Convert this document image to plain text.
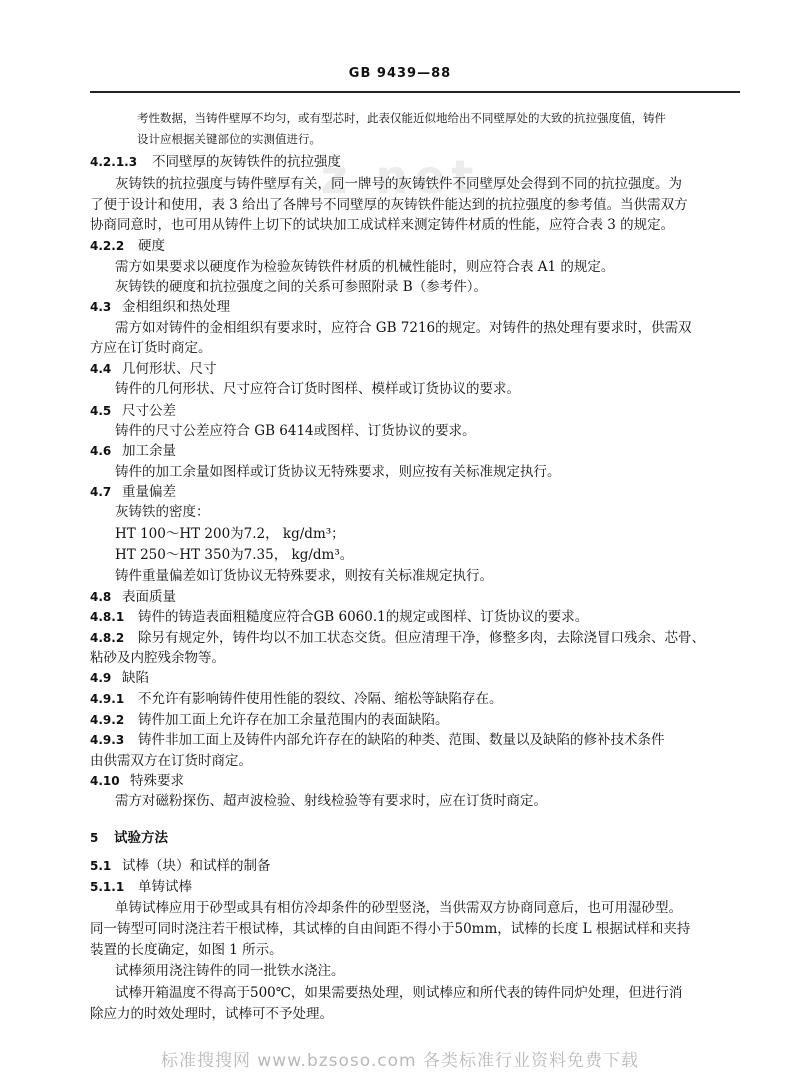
z net
GB 9439—88
考性数据，当铸件壁厚不均匀，或有型芯时，此表仅能近似地给出不同壁厚处的大致的抗拉强度值，铸件
设计应根据关键部位的实测值进行。
4.2.1.3 不同壁厚的灰铸铁件的抗拉强度
灰铸铁的抗拉强度与铸件壁厚有关，同一牌号的灰铸铁件不同壁厚处会得到不同的抗拉强度。为
了便于设计和使用，表 3 给出了各牌号不同壁厚的灰铸铁件能达到的抗拉强度的参考值。当供需双方
协商同意时，也可用从铸件上切下的试块加工成试样来测定铸件材质的性能，应符合表 3 的规定。
4.2.2 硬度
需方如果要求以硬度作为检验灰铸铁件材质的机械性能时，则应符合表 A1 的规定。
灰铸铁的硬度和抗拉强度之间的关系可参照附录 B（参考件）。
4.3 金相组织和热处理
需方如对铸件的金相组织有要求时，应符合 GB 7216的规定。对铸件的热处理有要求时，供需双
方应在订货时商定。
4.4 几何形状、尺寸
铸件的几何形状、尺寸应符合订货时图样、模样或订货协议的要求。
4.5 尺寸公差
铸件的尺寸公差应符合 GB 6414或图样、订货协议的要求。
4.6 加工余量
铸件的加工余量如图样或订货协议无特殊要求，则应按有关标准规定执行。
4.7 重量偏差
灰铸铁的密度：
HT 100～HT 200为7.2， kg/dm³；
HT 250～HT 350为7.35， kg/dm³。
铸件重量偏差如订货协议无特殊要求，则按有关标准规定执行。
4.8 表面质量
4.8.1 铸件的铸造表面粗糙度应符合GB 6060.1的规定或图样、订货协议的要求。
4.8.2 除另有规定外，铸件均以不加工状态交货。但应清理干净，修整多肉，去除浇冒口残余、芯骨、
粘砂及内腔残余物等。
4.9 缺陷
4.9.1 不允许有影响铸件使用性能的裂纹、冷隔、缩松等缺陷存在。
4.9.2 铸件加工面上允许存在加工余量范围内的表面缺陷。
4.9.3 铸件非加工面上及铸件内部允许存在的缺陷的种类、范围、数量以及缺陷的修补技术条件
由供需双方在订货时商定。
4.10 特殊要求
需方对磁粉探伤、超声波检验、射线检验等有要求时，应在订货时商定。
5 试验方法
5.1 试棒（块）和试样的制备
5.1.1 单铸试棒
单铸试棒应用于砂型或具有相仿冷却条件的砂型竖浇，当供需双方协商同意后，也可用湿砂型。
同一铸型可同时浇注若干根试棒，其试棒的自由间距不得小于50mm，试棒的长度 L 根据试样和夹持
装置的长度确定，如图 1 所示。
试棒须用浇注铸件的同一批铁水浇注。
试棒开箱温度不得高于500℃，如果需要热处理，则试棒应和所代表的铸件同炉处理，但进行消
除应力的时效处理时，试棒可不予处理。
标准搜搜网 www.bzsoso.com 各类标准行业资料免费下载
